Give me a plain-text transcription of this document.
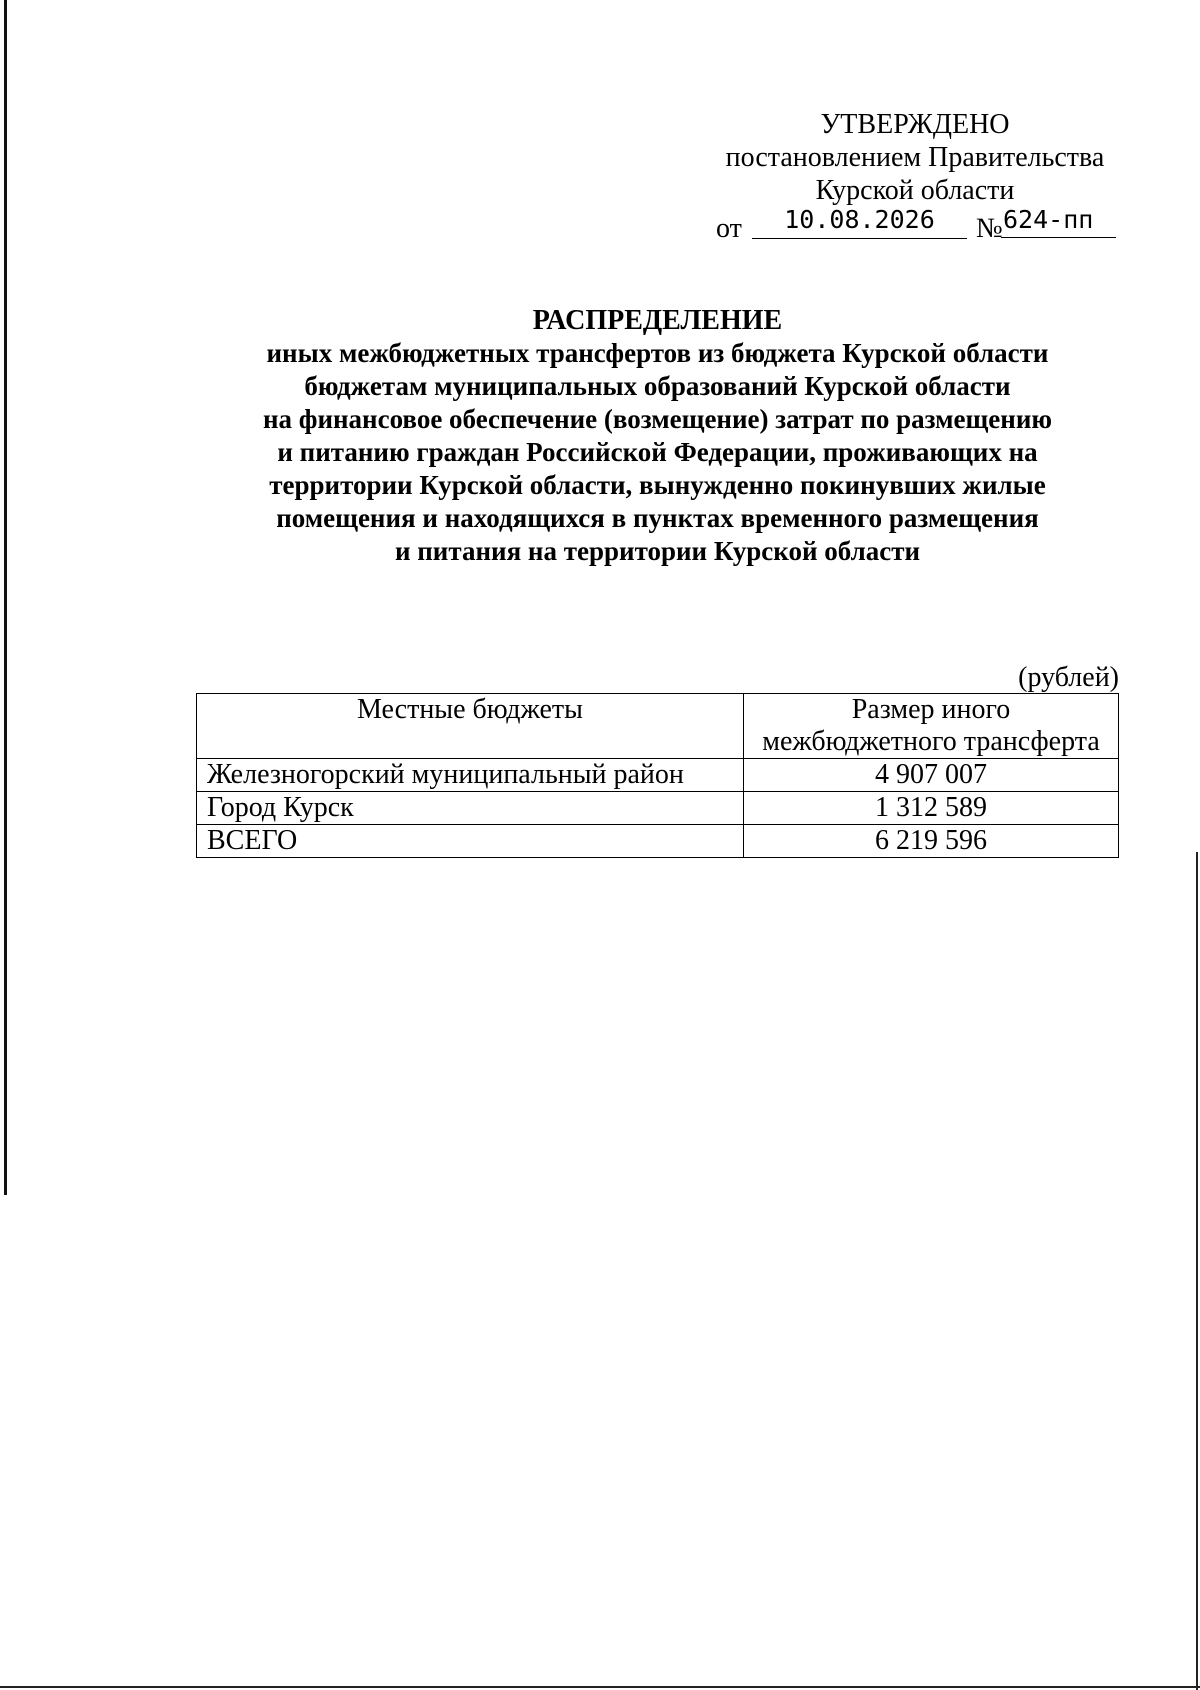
УТВЕРЖДЕНО
постановлением Правительства
Курской области
от	10.08.2026	№ 624-пп
РАСПРЕДЕЛЕНИЕ
иных межбюджетных трансфертов из бюджета Курской области
бюджетам муниципальных образований Курской области
на финансовое обеспечение (возмещение) затрат по размещению
и питанию граждан Российской Федерации, проживающих на
территории Курской области, вынужденно покинувших жилые
помещения и находящихся в пунктах временного размещения
и питания на территории Курской области
(рублей)
Местные бюджеты	Размер иного
межбюджетного трансферта

Железногорский муниципальный район	4 907 007
Город Курск	1 312 589
ВСЕГО	6 219 596
